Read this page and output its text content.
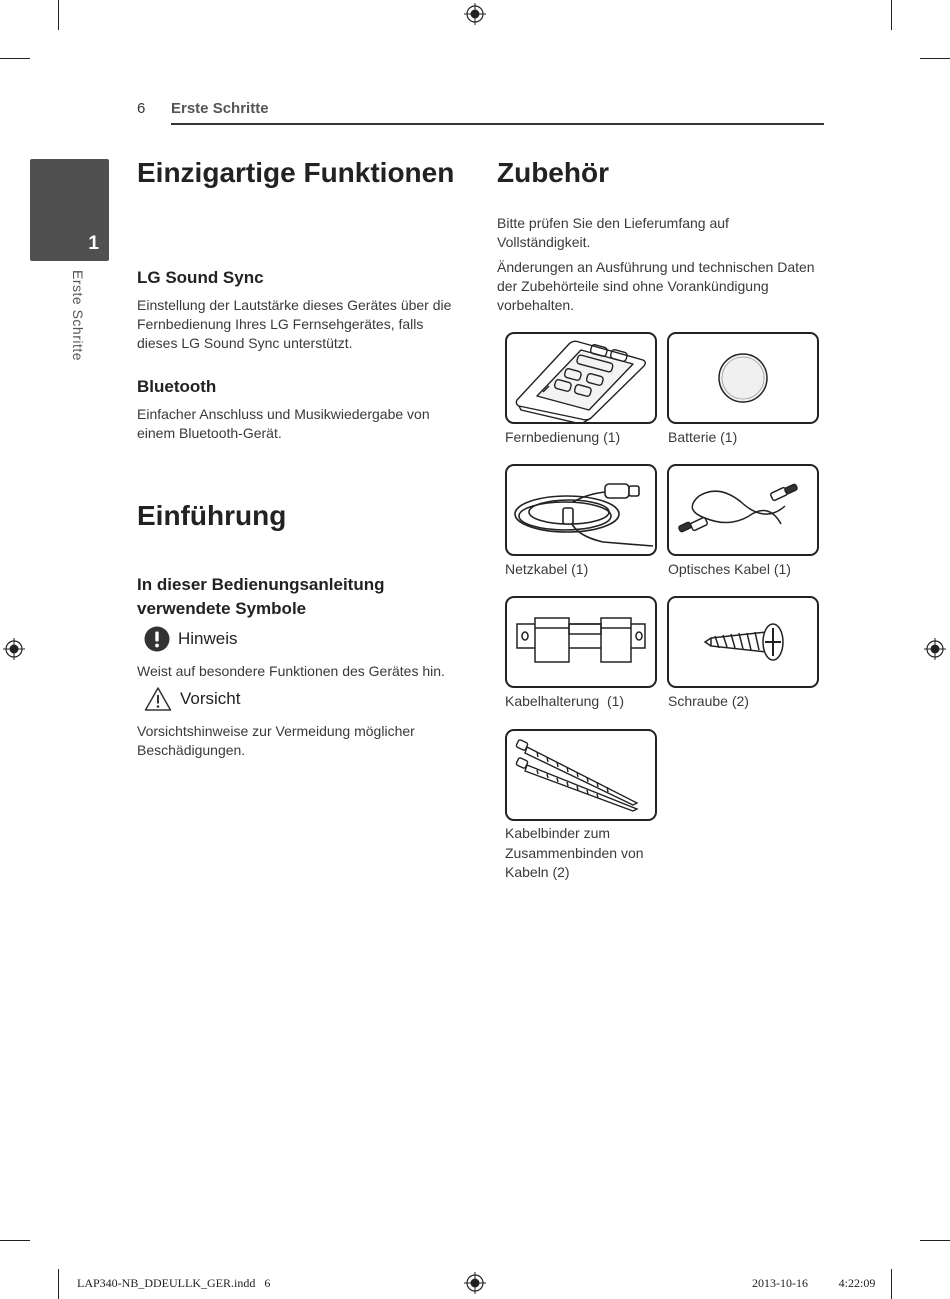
6 Erste Schritte
1
Erste Schritte
Einzigartige Funktionen
LG Sound Sync
Einstellung der Lautstärke dieses Gerätes über die Fernbedienung Ihres LG Fernsehgerätes, falls dieses LG Sound Sync unterstützt.
Bluetooth
Einfacher Anschluss und Musikwiedergabe von einem Bluetooth-Gerät.
Einführung
In dieser Bedienungsanleitung verwendete Symbole
Hinweis
Weist auf besondere Funktionen des Gerätes hin.
Vorsicht
Vorsichtshinweise zur Vermeidung möglicher Beschädigungen.
Zubehör
Bitte prüfen Sie den Lieferumfang auf Vollständigkeit.
Änderungen an Ausführung und technischen Daten der Zubehörteile sind ohne Vorankündigung vorbehalten.
Fernbedienung (1)	Batterie (1)
Netzkabel (1)	Optisches Kabel (1)
Kabelhalterung  (1)	Schraube (2)
Kabelbinder zum Zusammenbinden von Kabeln (2)
LAP340-NB_DDEULLK_GER.indd   6	2013-10-16   ￿￿ 4:22:09
